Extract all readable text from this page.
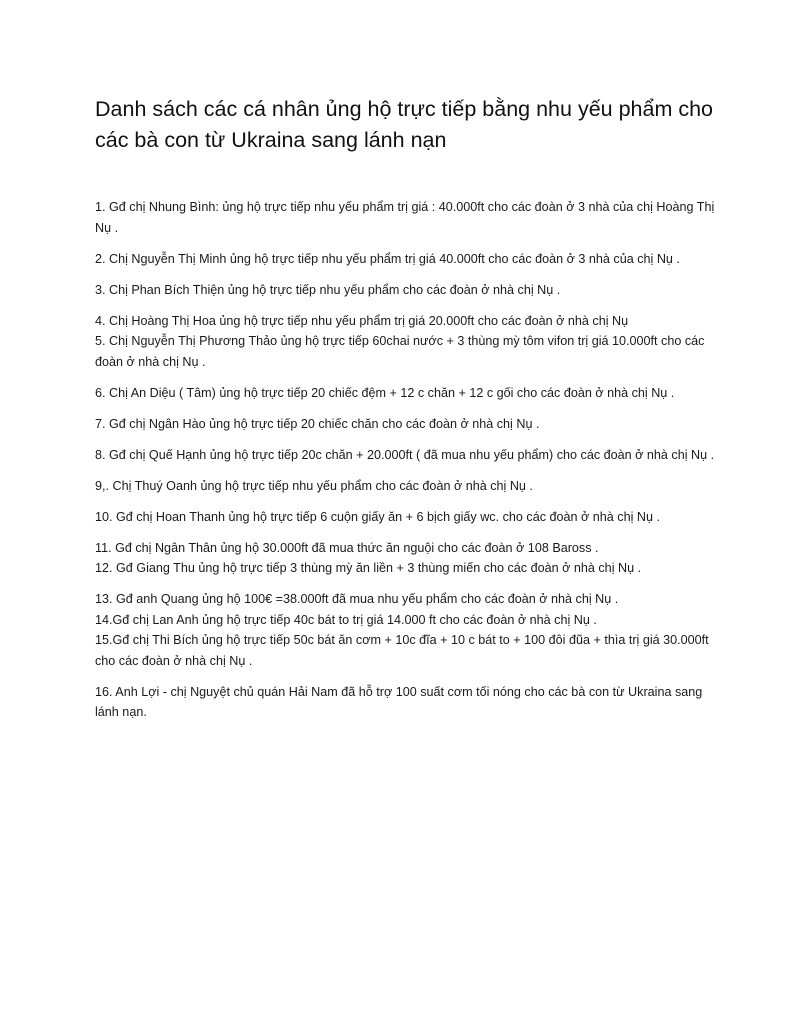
Danh sách các cá nhân ủng hộ trực tiếp bằng nhu yếu phẩm cho các bà con từ Ukraina sang lánh nạn
1. Gđ chị Nhung Bình: ủng hộ trực tiếp nhu yếu phẩm trị giá : 40.000ft cho các đoàn ở 3 nhà của chị Hoàng Thị Nụ .
2. Chị Nguyễn Thị Minh ủng hộ trực tiếp nhu yếu phẩm trị giá 40.000ft cho các đoàn ở 3 nhà của chị Nụ .
3. Chị Phan Bích Thiện ủng hộ trực tiếp nhu yếu phẩm cho các đoàn ở nhà chị Nụ .
4. Chị Hoàng Thị Hoa ủng hộ trực tiếp nhu yếu phẩm trị giá 20.000ft cho các đoàn ở nhà chị Nụ
5. Chị Nguyễn Thị Phương Thảo ủng hộ trực tiếp 60chai nước + 3 thùng mỳ tôm vifon trị giá 10.000ft cho các đoàn ở nhà chị Nụ .
6. Chị An Diệu ( Tâm) ủng hộ trực tiếp 20 chiếc đệm + 12 c chăn + 12 c gối cho các đoàn ở nhà chị Nụ .
7. Gđ chị Ngân Hào ủng hộ trực tiếp 20 chiếc chăn cho các đoàn ở nhà chị Nụ .
8. Gđ chị Quế Hạnh ủng hộ trực tiếp 20c chăn + 20.000ft ( đã mua nhu yếu phẩm) cho các đoàn ở nhà chị Nụ .
9,. Chị Thuý Oanh ủng hộ trực tiếp nhu yếu phẩm cho các đoàn ở nhà chị Nụ .
10. Gđ chị Hoan Thanh ủng hộ trực tiếp 6 cuộn giấy ăn + 6 bịch giấy wc. cho các đoàn ở nhà chị Nụ .
11. Gđ chị Ngân Thân ủng hộ 30.000ft đã mua thức ăn nguội cho các đoàn ở 108 Baross .
12. Gđ Giang Thu ủng hộ trực tiếp 3 thùng mỳ ăn liền + 3 thùng miến cho các đoàn ở nhà chị Nụ .
13. Gđ anh Quang ủng hộ 100€ =38.000ft đã mua nhu yếu phẩm cho các đoàn ở nhà chị Nụ .
14.Gđ chị Lan Anh ủng hộ trực tiếp 40c bát to trị giá 14.000 ft cho các đoàn ở nhà chị Nụ .
15.Gđ chị Thi Bích ủng hộ trực tiếp 50c bát ăn cơm + 10c đĩa + 10 c bát to + 100 đôi đũa + thìa trị giá 30.000ft cho các đoàn ở nhà chị Nụ .
16. Anh Lợi - chị Nguyệt chủ quán Hải Nam đã hỗ trợ 100 suất cơm tối nóng cho các bà con từ Ukraina sang lánh nạn.
